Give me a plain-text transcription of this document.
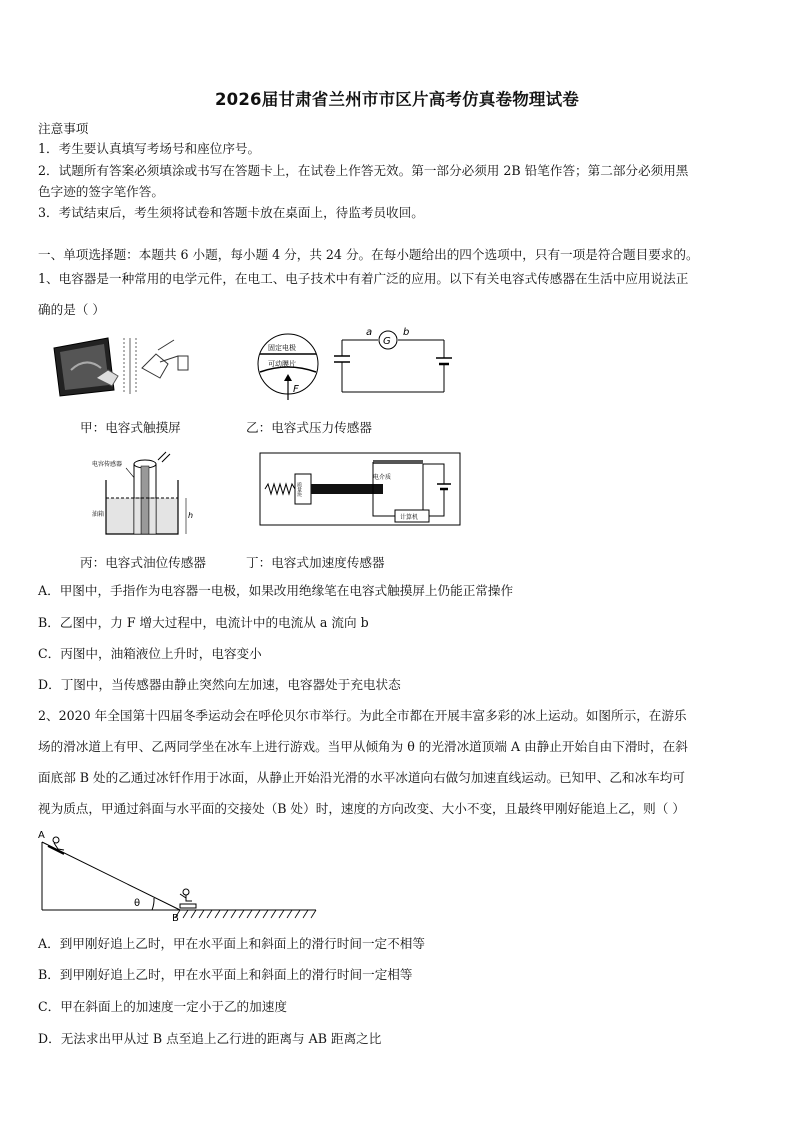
2026届甘肃省兰州市市区片高考仿真卷物理试卷
注意事项
1．考生要认真填写考场号和座位序号。
2．试题所有答案必须填涂或书写在答题卡上，在试卷上作答无效。第一部分必须用 2B 铅笔作答；第二部分必须用黑
色字迹的签字笔作答。
3．考试结束后，考生须将试卷和答题卡放在桌面上，待监考员收回。
一、单项选择题：本题共 6 小题，每小题 4 分，共 24 分。在每小题给出的四个选项中，只有一项是符合题目要求的。
1、电容器是一种常用的电学元件，在电工、电子技术中有着广泛的应用。以下有关电容式传感器在生活中应用说法正
确的是（ ）
甲：电容式触摸屏
固定电极
可动膜片
F
G
a	b
乙：电容式压力传感器
电容传感器
油箱	h
丙：电容式油位传感器
质量块
电介质
计算机
丁：电容式加速度传感器
A．甲图中，手指作为电容器一电极，如果改用绝缘笔在电容式触摸屏上仍能正常操作
B．乙图中，力 F 增大过程中，电流计中的电流从 a 流向 b
C．丙图中，油箱液位上升时，电容变小
D．丁图中，当传感器由静止突然向左加速，电容器处于充电状态
2、2020 年全国第十四届冬季运动会在呼伦贝尔市举行。为此全市都在开展丰富多彩的冰上运动。如图所示，在游乐
场的滑冰道上有甲、乙两同学坐在冰车上进行游戏。当甲从倾角为 θ 的光滑冰道顶端 A 由静止开始自由下滑时，在斜
面底部 B 处的乙通过冰钎作用于冰面，从静止开始沿光滑的水平冰道向右做匀加速直线运动。已知甲、乙和冰车均可
视为质点，甲通过斜面与水平面的交接处（B 处）时，速度的方向改变、大小不变，且最终甲刚好能追上乙，则（ ）
A
θ
B
A．到甲刚好追上乙时，甲在水平面上和斜面上的滑行时间一定不相等
B．到甲刚好追上乙时，甲在水平面上和斜面上的滑行时间一定相等
C．甲在斜面上的加速度一定小于乙的加速度
D．无法求出甲从过 B 点至追上乙行进的距离与 AB 距离之比
